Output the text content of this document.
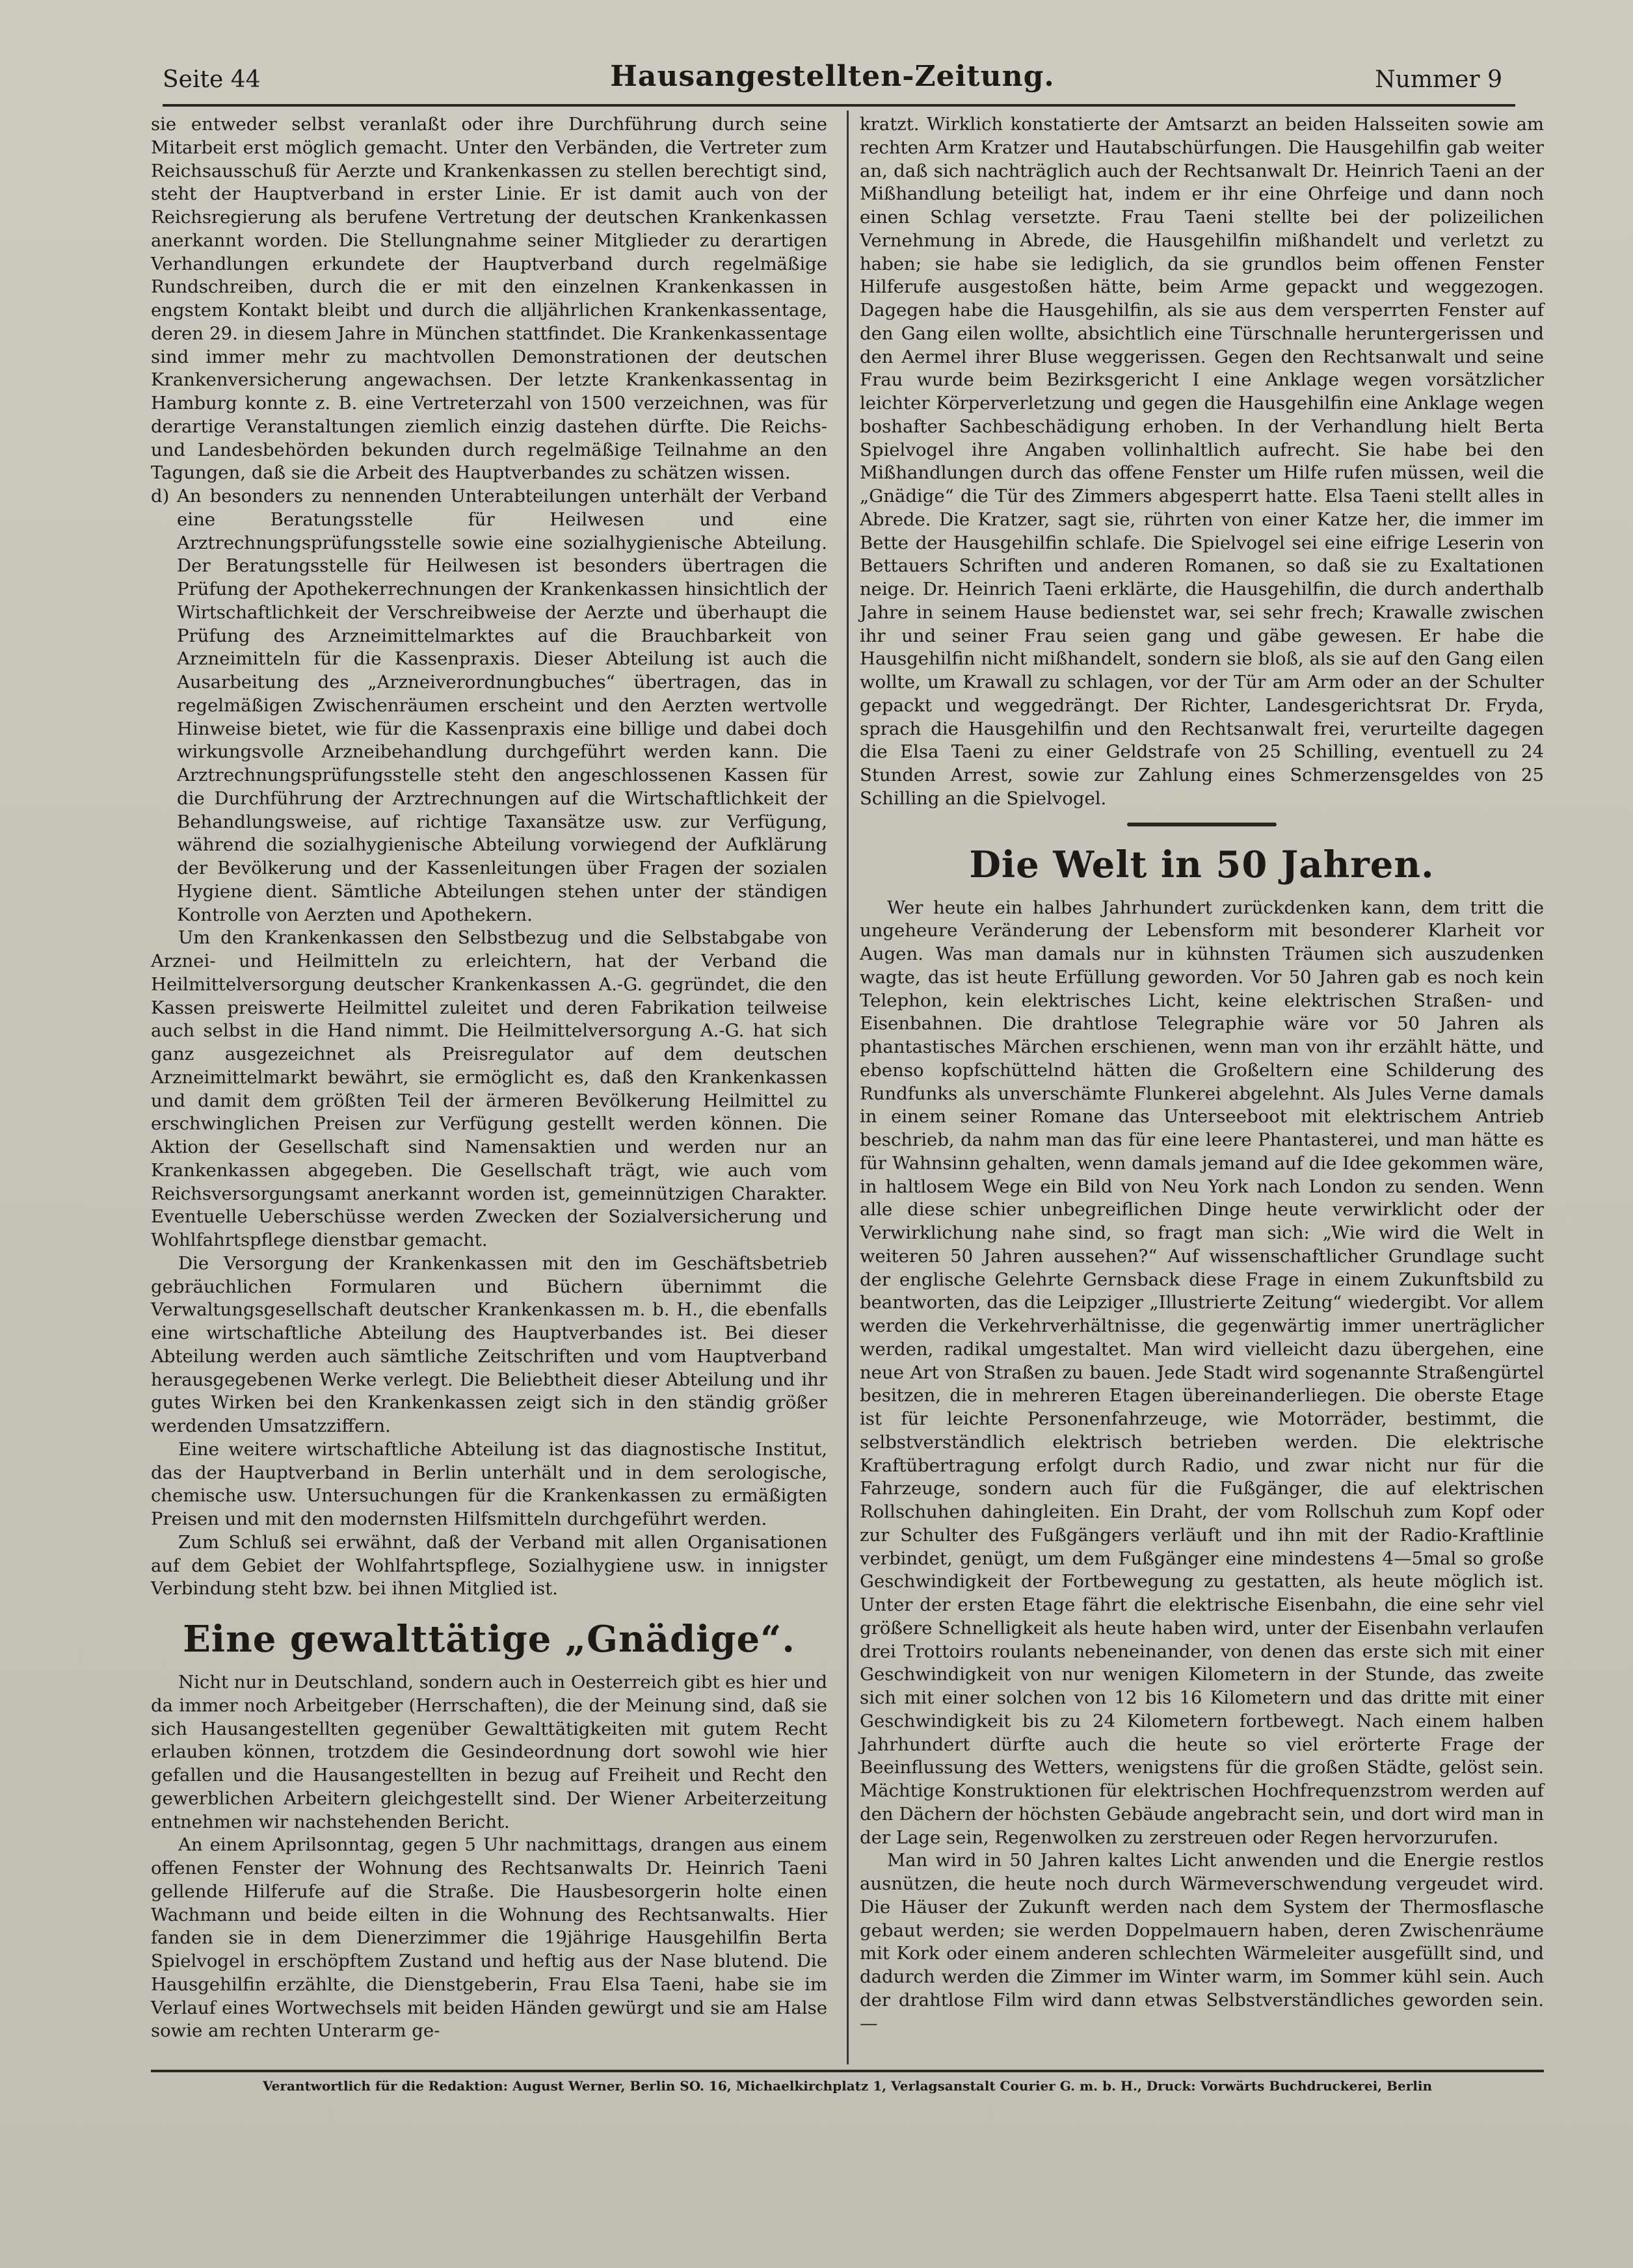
Seite 44	Hausangestellten-Zeitung.	Nummer 9

sie entweder selbst veranlaßt oder ihre Durchführung durch seine Mitarbeit erst möglich gemacht. Unter den Verbänden, die Vertreter zum Reichsausschuß für Aerzte und Krankenkassen zu stellen berechtigt sind, steht der Hauptverband in erster Linie. Er ist damit auch von der Reichsregierung als berufene Vertretung der deutschen Krankenkassen anerkannt worden. Die Stellungnahme seiner Mitglieder zu derartigen Verhandlungen erkundete der Hauptverband durch regelmäßige Rundschreiben, durch die er mit den einzelnen Krankenkassen in engstem Kontakt bleibt und durch die alljährlichen Krankenkassentage, deren 29. in diesem Jahre in München stattfindet. Die Krankenkassentage sind immer mehr zu machtvollen Demonstrationen der deutschen Krankenversicherung angewachsen. Der letzte Krankenkassentag in Hamburg konnte z. B. eine Vertreterzahl von 1500 verzeichnen, was für derartige Veranstaltungen ziemlich einzig dastehen dürfte. Die Reichs- und Landesbehörden bekunden durch regelmäßige Teilnahme an den Tagungen, daß sie die Arbeit des Hauptverbandes zu schätzen wissen.

d) An besonders zu nennenden Unterabteilungen unterhält der Verband eine Beratungsstelle für Heilwesen und eine Arztrechnungsprüfungsstelle sowie eine sozialhygienische Abteilung. Der Beratungsstelle für Heilwesen ist besonders übertragen die Prüfung der Apothekerrechnungen der Krankenkassen hinsichtlich der Wirtschaftlichkeit der Verschreibweise der Aerzte und überhaupt die Prüfung des Arzneimittelmarktes auf die Brauchbarkeit von Arzneimitteln für die Kassenpraxis. Dieser Abteilung ist auch die Ausarbeitung des „Arzneiverordnungbuches“ übertragen, das in regelmäßigen Zwischenräumen erscheint und den Aerzten wertvolle Hinweise bietet, wie für die Kassenpraxis eine billige und dabei doch wirkungsvolle Arzneibehandlung durchgeführt werden kann. Die Arztrechnungsprüfungsstelle steht den angeschlossenen Kassen für die Durchführung der Arztrechnungen auf die Wirtschaftlichkeit der Behandlungsweise, auf richtige Taxansätze usw. zur Verfügung, während die sozialhygienische Abteilung vorwiegend der Aufklärung der Bevölkerung und der Kassenleitungen über Fragen der sozialen Hygiene dient. Sämtliche Abteilungen stehen unter der ständigen Kontrolle von Aerzten und Apothekern.

Um den Krankenkassen den Selbstbezug und die Selbstabgabe von Arznei- und Heilmitteln zu erleichtern, hat der Verband die Heilmittelversorgung deutscher Krankenkassen A.-G. gegründet, die den Kassen preiswerte Heilmittel zuleitet und deren Fabrikation teilweise auch selbst in die Hand nimmt. Die Heilmittelversorgung A.-G. hat sich ganz ausgezeichnet als Preisregulator auf dem deutschen Arzneimittelmarkt bewährt, sie ermöglicht es, daß den Krankenkassen und damit dem größten Teil der ärmeren Bevölkerung Heilmittel zu erschwinglichen Preisen zur Verfügung gestellt werden können. Die Aktion der Gesellschaft sind Namensaktien und werden nur an Krankenkassen abgegeben. Die Gesellschaft trägt, wie auch vom Reichsversorgungsamt anerkannt worden ist, gemeinnützigen Charakter. Eventuelle Ueberschüsse werden Zwecken der Sozialversicherung und Wohlfahrtspflege dienstbar gemacht.

Die Versorgung der Krankenkassen mit den im Geschäftsbetrieb gebräuchlichen Formularen und Büchern übernimmt die Verwaltungsgesellschaft deutscher Krankenkassen m. b. H., die ebenfalls eine wirtschaftliche Abteilung des Hauptverbandes ist. Bei dieser Abteilung werden auch sämtliche Zeitschriften und vom Hauptverband herausgegebenen Werke verlegt. Die Beliebtheit dieser Abteilung und ihr gutes Wirken bei den Krankenkassen zeigt sich in den ständig größer werdenden Umsatzziffern.

Eine weitere wirtschaftliche Abteilung ist das diagnostische Institut, das der Hauptverband in Berlin unterhält und in dem serologische, chemische usw. Untersuchungen für die Krankenkassen zu ermäßigten Preisen und mit den modernsten Hilfsmitteln durchgeführt werden.

Zum Schluß sei erwähnt, daß der Verband mit allen Organisationen auf dem Gebiet der Wohlfahrtspflege, Sozialhygiene usw. in innigster Verbindung steht bzw. bei ihnen Mitglied ist.

Eine gewalttätige „Gnädige“.

Nicht nur in Deutschland, sondern auch in Oesterreich gibt es hier und da immer noch Arbeitgeber (Herrschaften), die der Meinung sind, daß sie sich Hausangestellten gegenüber Gewalttätigkeiten mit gutem Recht erlauben können, trotzdem die Gesindeordnung dort sowohl wie hier gefallen und die Hausangestellten in bezug auf Freiheit und Recht den gewerblichen Arbeitern gleichgestellt sind. Der Wiener Arbeiterzeitung entnehmen wir nachstehenden Bericht.

An einem Aprilsonntag, gegen 5 Uhr nachmittags, drangen aus einem offenen Fenster der Wohnung des Rechtsanwalts Dr. Heinrich Taeni gellende Hilferufe auf die Straße. Die Hausbesorgerin holte einen Wachmann und beide eilten in die Wohnung des Rechtsanwalts. Hier fanden sie in dem Dienerzimmer die 19jährige Hausgehilfin Berta Spielvogel in erschöpftem Zustand und heftig aus der Nase blutend. Die Hausgehilfin erzählte, die Dienstgeberin, Frau Elsa Taeni, habe sie im Verlauf eines Wortwechsels mit beiden Händen gewürgt und sie am Halse sowie am rechten Unterarm ge-

kratzt. Wirklich konstatierte der Amtsarzt an beiden Halsseiten sowie am rechten Arm Kratzer und Hautabschürfungen. Die Hausgehilfin gab weiter an, daß sich nachträglich auch der Rechtsanwalt Dr. Heinrich Taeni an der Mißhandlung beteiligt hat, indem er ihr eine Ohrfeige und dann noch einen Schlag versetzte. Frau Taeni stellte bei der polizeilichen Vernehmung in Abrede, die Hausgehilfin mißhandelt und verletzt zu haben; sie habe sie lediglich, da sie grundlos beim offenen Fenster Hilferufe ausgestoßen hätte, beim Arme gepackt und weggezogen. Dagegen habe die Hausgehilfin, als sie aus dem versperrten Fenster auf den Gang eilen wollte, absichtlich eine Türschnalle heruntergerissen und den Aermel ihrer Bluse weggerissen. Gegen den Rechtsanwalt und seine Frau wurde beim Bezirksgericht I eine Anklage wegen vorsätzlicher leichter Körperverletzung und gegen die Hausgehilfin eine Anklage wegen boshafter Sachbeschädigung erhoben. In der Verhandlung hielt Berta Spielvogel ihre Angaben vollinhaltlich aufrecht. Sie habe bei den Mißhandlungen durch das offene Fenster um Hilfe rufen müssen, weil die „Gnädige“ die Tür des Zimmers abgesperrt hatte. Elsa Taeni stellt alles in Abrede. Die Kratzer, sagt sie, rührten von einer Katze her, die immer im Bette der Hausgehilfin schlafe. Die Spielvogel sei eine eifrige Leserin von Bettauers Schriften und anderen Romanen, so daß sie zu Exaltationen neige. Dr. Heinrich Taeni erklärte, die Hausgehilfin, die durch anderthalb Jahre in seinem Hause bedienstet war, sei sehr frech; Krawalle zwischen ihr und seiner Frau seien gang und gäbe gewesen. Er habe die Hausgehilfin nicht mißhandelt, sondern sie bloß, als sie auf den Gang eilen wollte, um Krawall zu schlagen, vor der Tür am Arm oder an der Schulter gepackt und weggedrängt. Der Richter, Landesgerichtsrat Dr. Fryda, sprach die Hausgehilfin und den Rechtsanwalt frei, verurteilte dagegen die Elsa Taeni zu einer Geldstrafe von 25 Schilling, eventuell zu 24 Stunden Arrest, sowie zur Zahlung eines Schmerzensgeldes von 25 Schilling an die Spielvogel.

Die Welt in 50 Jahren.

Wer heute ein halbes Jahrhundert zurückdenken kann, dem tritt die ungeheure Veränderung der Lebensform mit besonderer Klarheit vor Augen. Was man damals nur in kühnsten Träumen sich auszudenken wagte, das ist heute Erfüllung geworden. Vor 50 Jahren gab es noch kein Telephon, kein elektrisches Licht, keine elektrischen Straßen- und Eisenbahnen. Die drahtlose Telegraphie wäre vor 50 Jahren als phantastisches Märchen erschienen, wenn man von ihr erzählt hätte, und ebenso kopfschüttelnd hätten die Großeltern eine Schilderung des Rundfunks als unverschämte Flunkerei abgelehnt. Als Jules Verne damals in einem seiner Romane das Unterseeboot mit elektrischem Antrieb beschrieb, da nahm man das für eine leere Phantasterei, und man hätte es für Wahnsinn gehalten, wenn damals jemand auf die Idee gekommen wäre, in haltlosem Wege ein Bild von Neu York nach London zu senden. Wenn alle diese schier unbegreiflichen Dinge heute verwirklicht oder der Verwirklichung nahe sind, so fragt man sich: „Wie wird die Welt in weiteren 50 Jahren aussehen?“ Auf wissenschaftlicher Grundlage sucht der englische Gelehrte Gernsback diese Frage in einem Zukunftsbild zu beantworten, das die Leipziger „Illustrierte Zeitung“ wiedergibt. Vor allem werden die Verkehrverhältnisse, die gegenwärtig immer unerträglicher werden, radikal umgestaltet. Man wird vielleicht dazu übergehen, eine neue Art von Straßen zu bauen. Jede Stadt wird sogenannte Straßengürtel besitzen, die in mehreren Etagen übereinanderliegen. Die oberste Etage ist für leichte Personenfahrzeuge, wie Motorräder, bestimmt, die selbstverständlich elektrisch betrieben werden. Die elektrische Kraftübertragung erfolgt durch Radio, und zwar nicht nur für die Fahrzeuge, sondern auch für die Fußgänger, die auf elektrischen Rollschuhen dahingleiten. Ein Draht, der vom Rollschuh zum Kopf oder zur Schulter des Fußgängers verläuft und ihn mit der Radio-Kraftlinie verbindet, genügt, um dem Fußgänger eine mindestens 4—5mal so große Geschwindigkeit der Fortbewegung zu gestatten, als heute möglich ist. Unter der ersten Etage fährt die elektrische Eisenbahn, die eine sehr viel größere Schnelligkeit als heute haben wird, unter der Eisenbahn verlaufen drei Trottoirs roulants nebeneinander, von denen das erste sich mit einer Geschwindigkeit von nur wenigen Kilometern in der Stunde, das zweite sich mit einer solchen von 12 bis 16 Kilometern und das dritte mit einer Geschwindigkeit bis zu 24 Kilometern fortbewegt. Nach einem halben Jahrhundert dürfte auch die heute so viel erörterte Frage der Beeinflussung des Wetters, wenigstens für die großen Städte, gelöst sein. Mächtige Konstruktionen für elektrischen Hochfrequenzstrom werden auf den Dächern der höchsten Gebäude angebracht sein, und dort wird man in der Lage sein, Regenwolken zu zerstreuen oder Regen hervorzurufen.

Man wird in 50 Jahren kaltes Licht anwenden und die Energie restlos ausnützen, die heute noch durch Wärmeverschwendung vergeudet wird. Die Häuser der Zukunft werden nach dem System der Thermosflasche gebaut werden; sie werden Doppelmauern haben, deren Zwischenräume mit Kork oder einem anderen schlechten Wärmeleiter ausgefüllt sind, und dadurch werden die Zimmer im Winter warm, im Sommer kühl sein. Auch der drahtlose Film wird dann etwas Selbstverständliches geworden sein. —

Verantwortlich für die Redaktion: August Werner, Berlin SO. 16, Michaelkirchplatz 1, Verlagsanstalt Courier G. m. b. H., Druck: Vorwärts Buchdruckerei, Berlin
